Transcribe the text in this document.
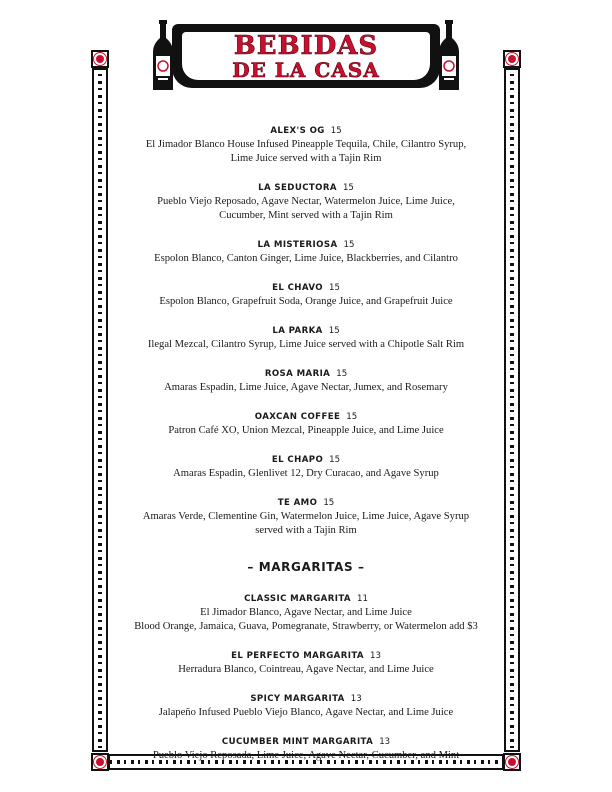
BEBIDAS
DE LA CASA
ALEX'S OG 15
El Jimador Blanco House Infused Pineapple Tequila, Chile, Cilantro Syrup,
Lime Juice served with a Tajin Rim
LA SEDUCTORA 15
Pueblo Viejo Reposado, Agave Nectar, Watermelon Juice, Lime Juice,
Cucumber, Mint served with a Tajin Rim
LA MISTERIOSA 15
Espolon Blanco, Canton Ginger, Lime Juice, Blackberries, and Cilantro
EL CHAVO 15
Espolon Blanco, Grapefruit Soda, Orange Juice, and Grapefruit Juice
LA PARKA 15
Ilegal Mezcal, Cilantro Syrup, Lime Juice served with a Chipotle Salt Rim
ROSA MARIA 15
Amaras Espadin, Lime Juice, Agave Nectar, Jumex, and Rosemary
OAXCAN COFFEE 15
Patron Café XO, Union Mezcal, Pineapple Juice, and Lime Juice
EL CHAPO 15
Amaras Espadin, Glenlivet 12, Dry Curacao, and Agave Syrup
TE AMO 15
Amaras Verde, Clementine Gin, Watermelon Juice, Lime Juice, Agave Syrup
served with a Tajin Rim
– MARGARITAS –
CLASSIC MARGARITA 11
El Jimador Blanco, Agave Nectar, and Lime Juice
Blood Orange, Jamaica, Guava, Pomegranate, Strawberry, or Watermelon add $3
EL PERFECTO MARGARITA 13
Herradura Blanco, Cointreau, Agave Nectar, and Lime Juice
SPICY MARGARITA 13
Jalapeño Infused Pueblo Viejo Blanco, Agave Nectar, and Lime Juice
CUCUMBER MINT MARGARITA 13
Pueblo Viejo Reposada, Lime Juice, Agave Nectar, Cucumber, and Mint
